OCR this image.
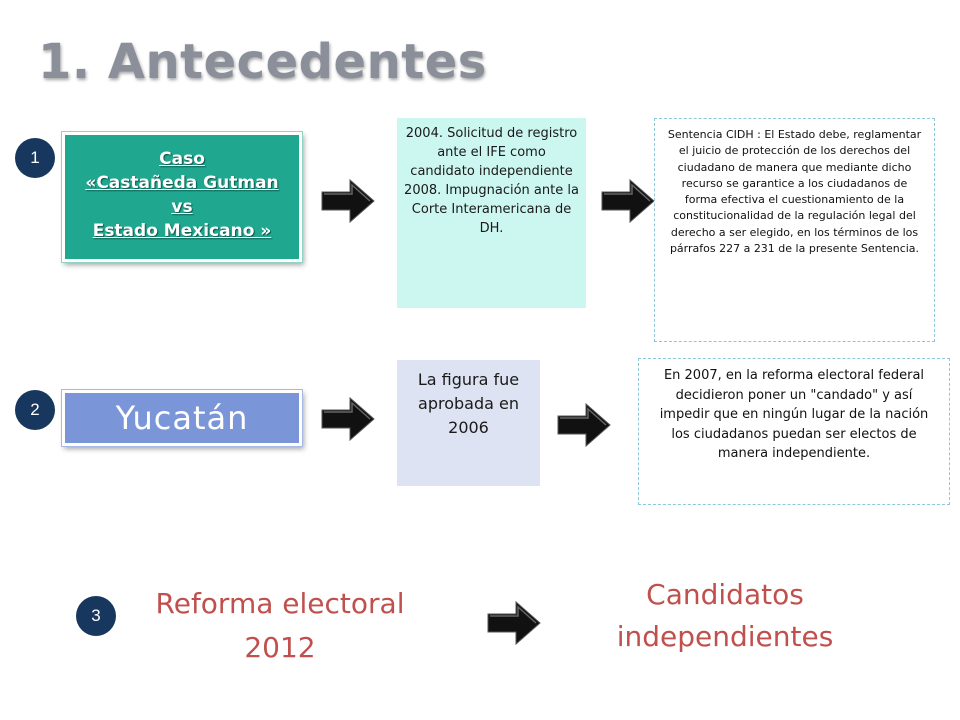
1. Antecedentes
1	Caso
«Castañeda Gutman
vs
Estado Mexicano »
2004. Solicitud de registro ante el IFE como candidato independiente 2008. Impugnación ante la Corte Interamericana de DH.
Sentencia CIDH : El Estado debe, reglamentar el juicio de protección de los derechos del ciudadano de manera que mediante dicho recurso se garantice a los ciudadanos de forma efectiva el cuestionamiento de la constitucionalidad de la regulación legal del derecho a ser elegido, en los términos de los párrafos 227 a 231 de la presente Sentencia.
2	Yucatán
La figura fue aprobada en 2006
En 2007, en la reforma electoral federal decidieron poner un "candado" y así impedir que en ningún lugar de la nación los ciudadanos puedan ser electos de manera independiente.
3	Reforma electoral 2012
Candidatos independientes
